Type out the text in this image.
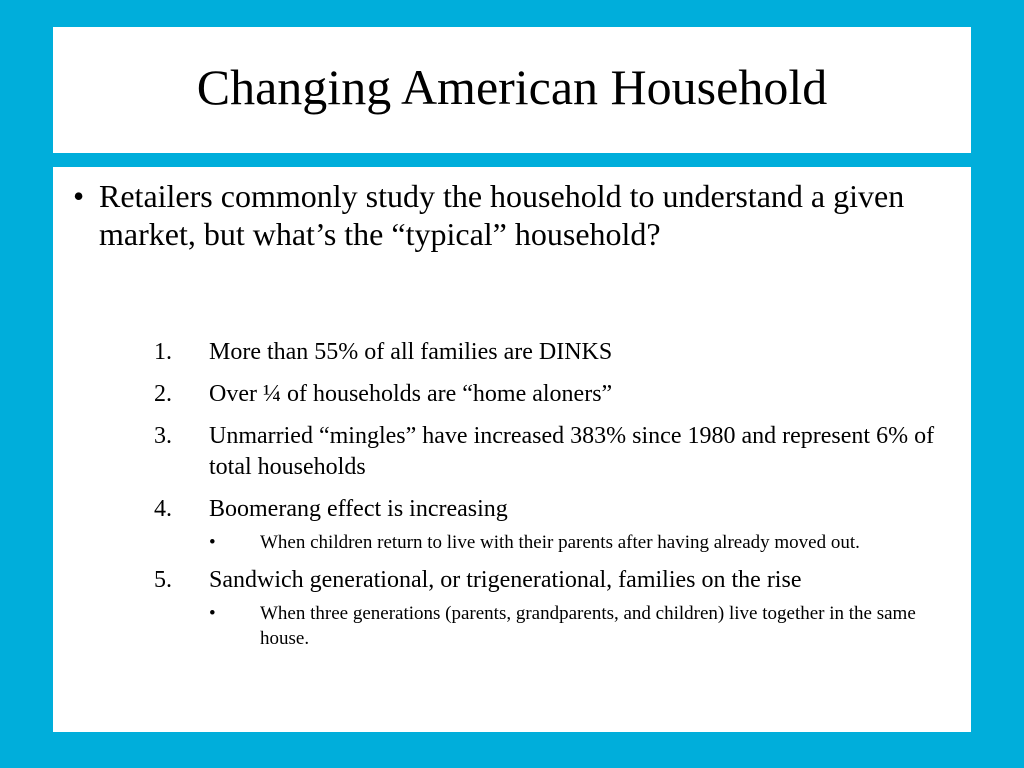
Changing American Household
• Retailers commonly study the household to understand a given market, but what’s the “typical” household?
1.	More than 55% of all families are DINKS
2.	Over ¼ of households are “home aloners”
3.	Unmarried “mingles” have increased 383% since 1980 and represent 6% of total households
4.	Boomerang effect is increasing
•	When children return to live with their parents after having already moved out.
5.	Sandwich generational, or trigenerational, families on the rise
•	When three generations (parents, grandparents, and children) live together in the same house.
